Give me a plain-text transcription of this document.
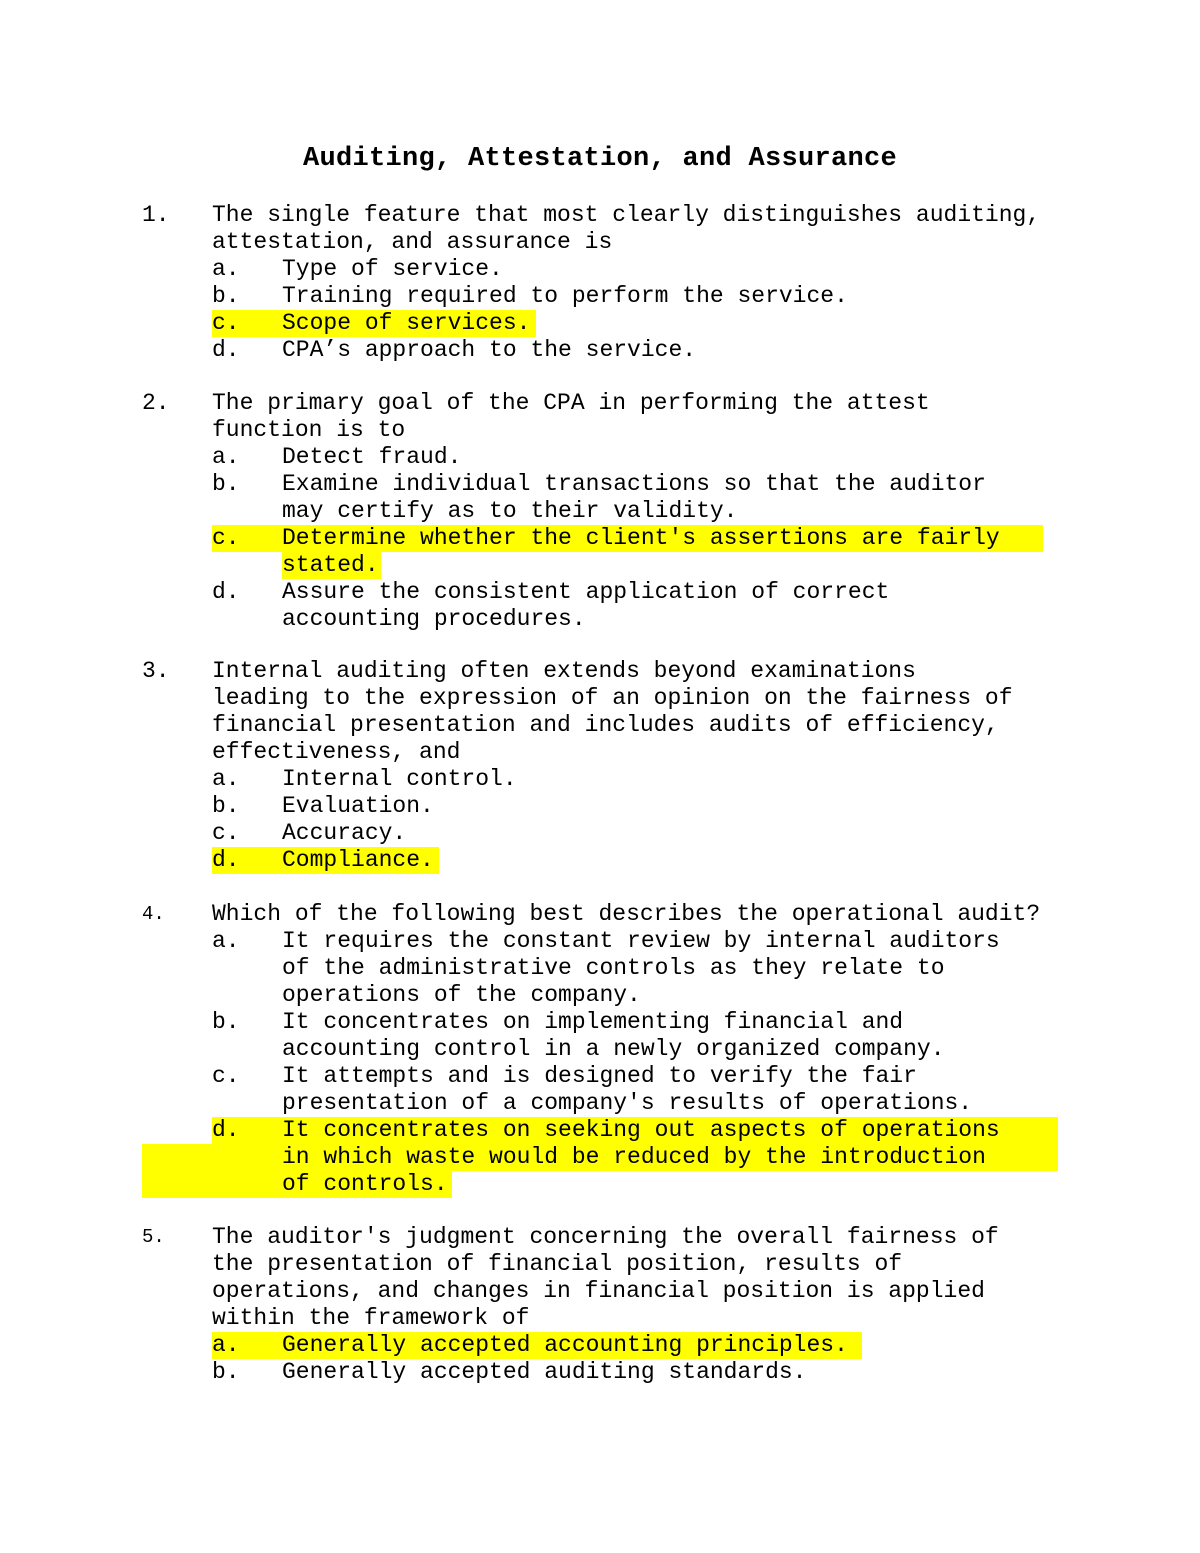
Auditing, Attestation, and Assurance

1.

The single feature that most clearly distinguishes auditing,

attestation, and assurance is

a.

Type of service.

b.

Training required to perform the service.

c.

Scope of services.

d.

CPA’s approach to the service.

2.

The primary goal of the CPA in performing the attest

function is to

a.

Detect fraud.

b.

Examine individual transactions so that the auditor

may certify as to their validity.

c.

Determine whether the client's assertions are fairly

stated.

d.

Assure the consistent application of correct

accounting procedures.

3.

Internal auditing often extends beyond examinations

leading to the expression of an opinion on the fairness of

financial presentation and includes audits of efficiency,

effectiveness, and

a.

Internal control.

b.

Evaluation.

c.

Accuracy.

d.

Compliance.

4.

Which of the following best describes the operational audit?

a.

It requires the constant review by internal auditors

of the administrative controls as they relate to

operations of the company.

b.

It concentrates on implementing financial and

accounting control in a newly organized company.

c.

It attempts and is designed to verify the fair

presentation of a company's results of operations.

d.

It concentrates on seeking out aspects of operations

in which waste would be reduced by the introduction

of controls.

5.

The auditor's judgment concerning the overall fairness of

the presentation of financial position, results of

operations, and changes in financial position is applied

within the framework of

a.

Generally accepted accounting principles.

b.

Generally accepted auditing standards.
